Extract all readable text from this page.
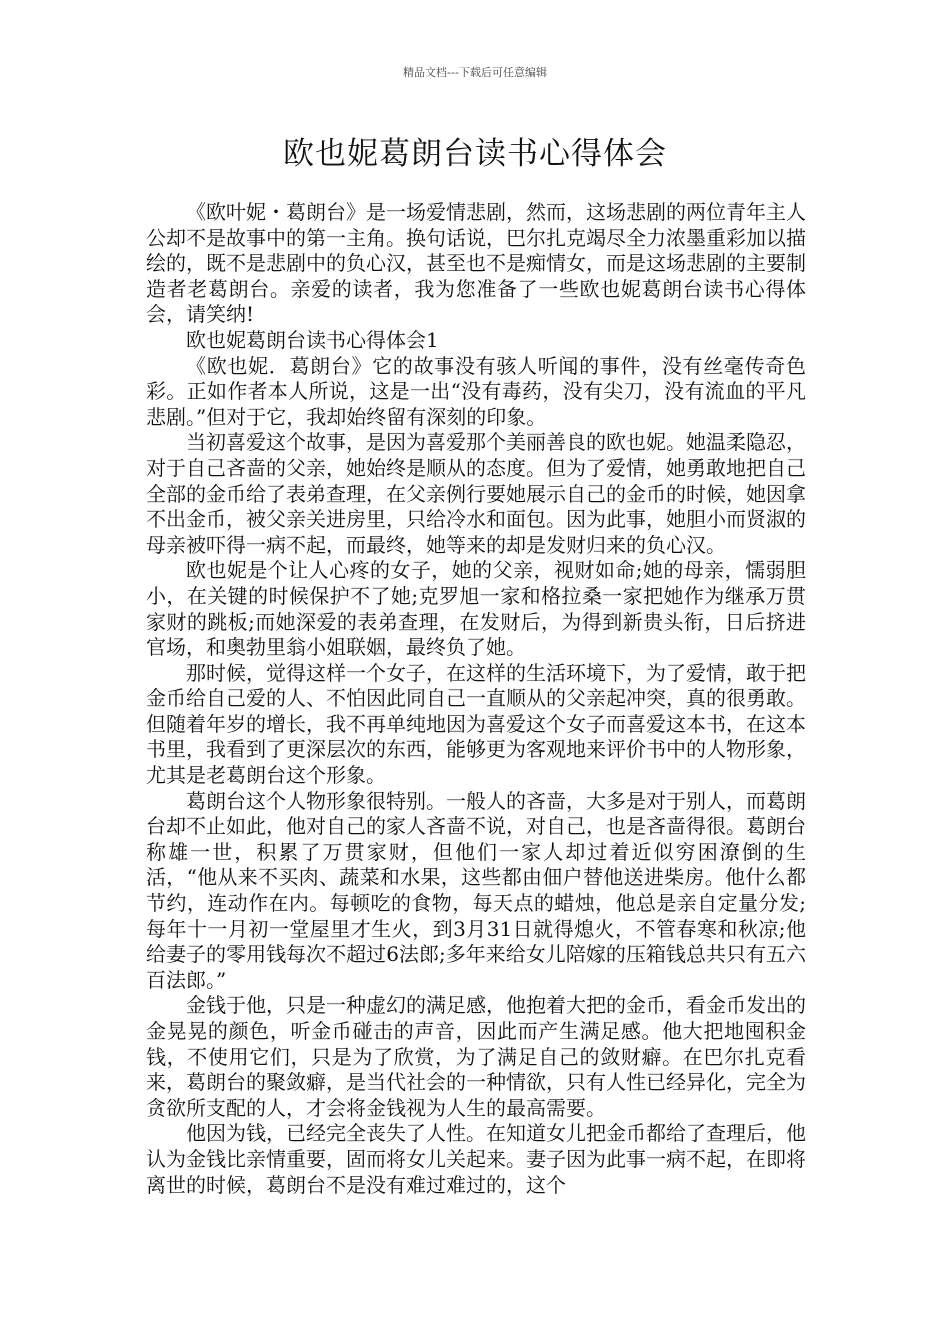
精品文档---下载后可任意编辑
欧也妮葛朗台读书心得体会

《欧叶妮・葛朗台》是一场爱情悲剧，然而，这场悲剧的两位青年主人公却不是故事中的第一主角。换句话说，巴尔扎克竭尽全力浓墨重彩加以描绘的，既不是悲剧中的负心汉，甚至也不是痴情女，而是这场悲剧的主要制造者老葛朗台。亲爱的读者，我为您准备了一些欧也妮葛朗台读书心得体会，请笑纳!

欧也妮葛朗台读书心得体会1

《欧也妮．葛朗台》它的故事没有骇人听闻的事件，没有丝毫传奇色彩。正如作者本人所说，这是一出“没有毒药，没有尖刀，没有流血的平凡悲剧。”但对于它，我却始终留有深刻的印象。

当初喜爱这个故事，是因为喜爱那个美丽善良的欧也妮。她温柔隐忍，对于自己吝啬的父亲，她始终是顺从的态度。但为了爱情，她勇敢地把自己全部的金币给了表弟查理，在父亲例行要她展示自己的金币的时候，她因拿不出金币，被父亲关进房里，只给冷水和面包。因为此事，她胆小而贤淑的母亲被吓得一病不起，而最终，她等来的却是发财归来的负心汉。

欧也妮是个让人心疼的女子，她的父亲，视财如命;她的母亲，懦弱胆小，在关键的时候保护不了她;克罗旭一家和格拉桑一家把她作为继承万贯家财的跳板;而她深爱的表弟查理，在发财后，为得到新贵头衔，日后挤进官场，和奥勃里翁小姐联姻，最终负了她。

那时候，觉得这样一个女子，在这样的生活环境下，为了爱情，敢于把金币给自己爱的人、不怕因此同自己一直顺从的父亲起冲突，真的很勇敢。但随着年岁的增长，我不再单纯地因为喜爱这个女子而喜爱这本书，在这本书里，我看到了更深层次的东西，能够更为客观地来评价书中的人物形象，尤其是老葛朗台这个形象。

葛朗台这个人物形象很特别。一般人的吝啬，大多是对于别人，而葛朗台却不止如此，他对自己的家人吝啬不说，对自己，也是吝啬得很。葛朗台称雄一世，积累了万贯家财，但他们一家人却过着近似穷困潦倒的生活，“他从来不买肉、蔬菜和水果，这些都由佃户替他送进柴房。他什么都节约，连动作在内。每顿吃的食物，每天点的蜡烛，他总是亲自定量分发;每年十一月初一堂屋里才生火，到3月31日就得熄火，不管春寒和秋凉;他给妻子的零用钱每次不超过6法郎;多年来给女儿陪嫁的压箱钱总共只有五六百法郎。”

金钱于他，只是一种虚幻的满足感，他抱着大把的金币，看金币发出的金晃晃的颜色，听金币碰击的声音，因此而产生满足感。他大把地囤积金钱，不使用它们，只是为了欣赏，为了满足自己的敛财癖。在巴尔扎克看来，葛朗台的聚敛癖，是当代社会的一种情欲，只有人性已经异化，完全为贪欲所支配的人，才会将金钱视为人生的最高需要。

他因为钱，已经完全丧失了人性。在知道女儿把金币都给了查理后，他认为金钱比亲情重要，固而将女儿关起来。妻子因为此事一病不起，在即将离世的时候，葛朗台不是没有难过难过的，这个
